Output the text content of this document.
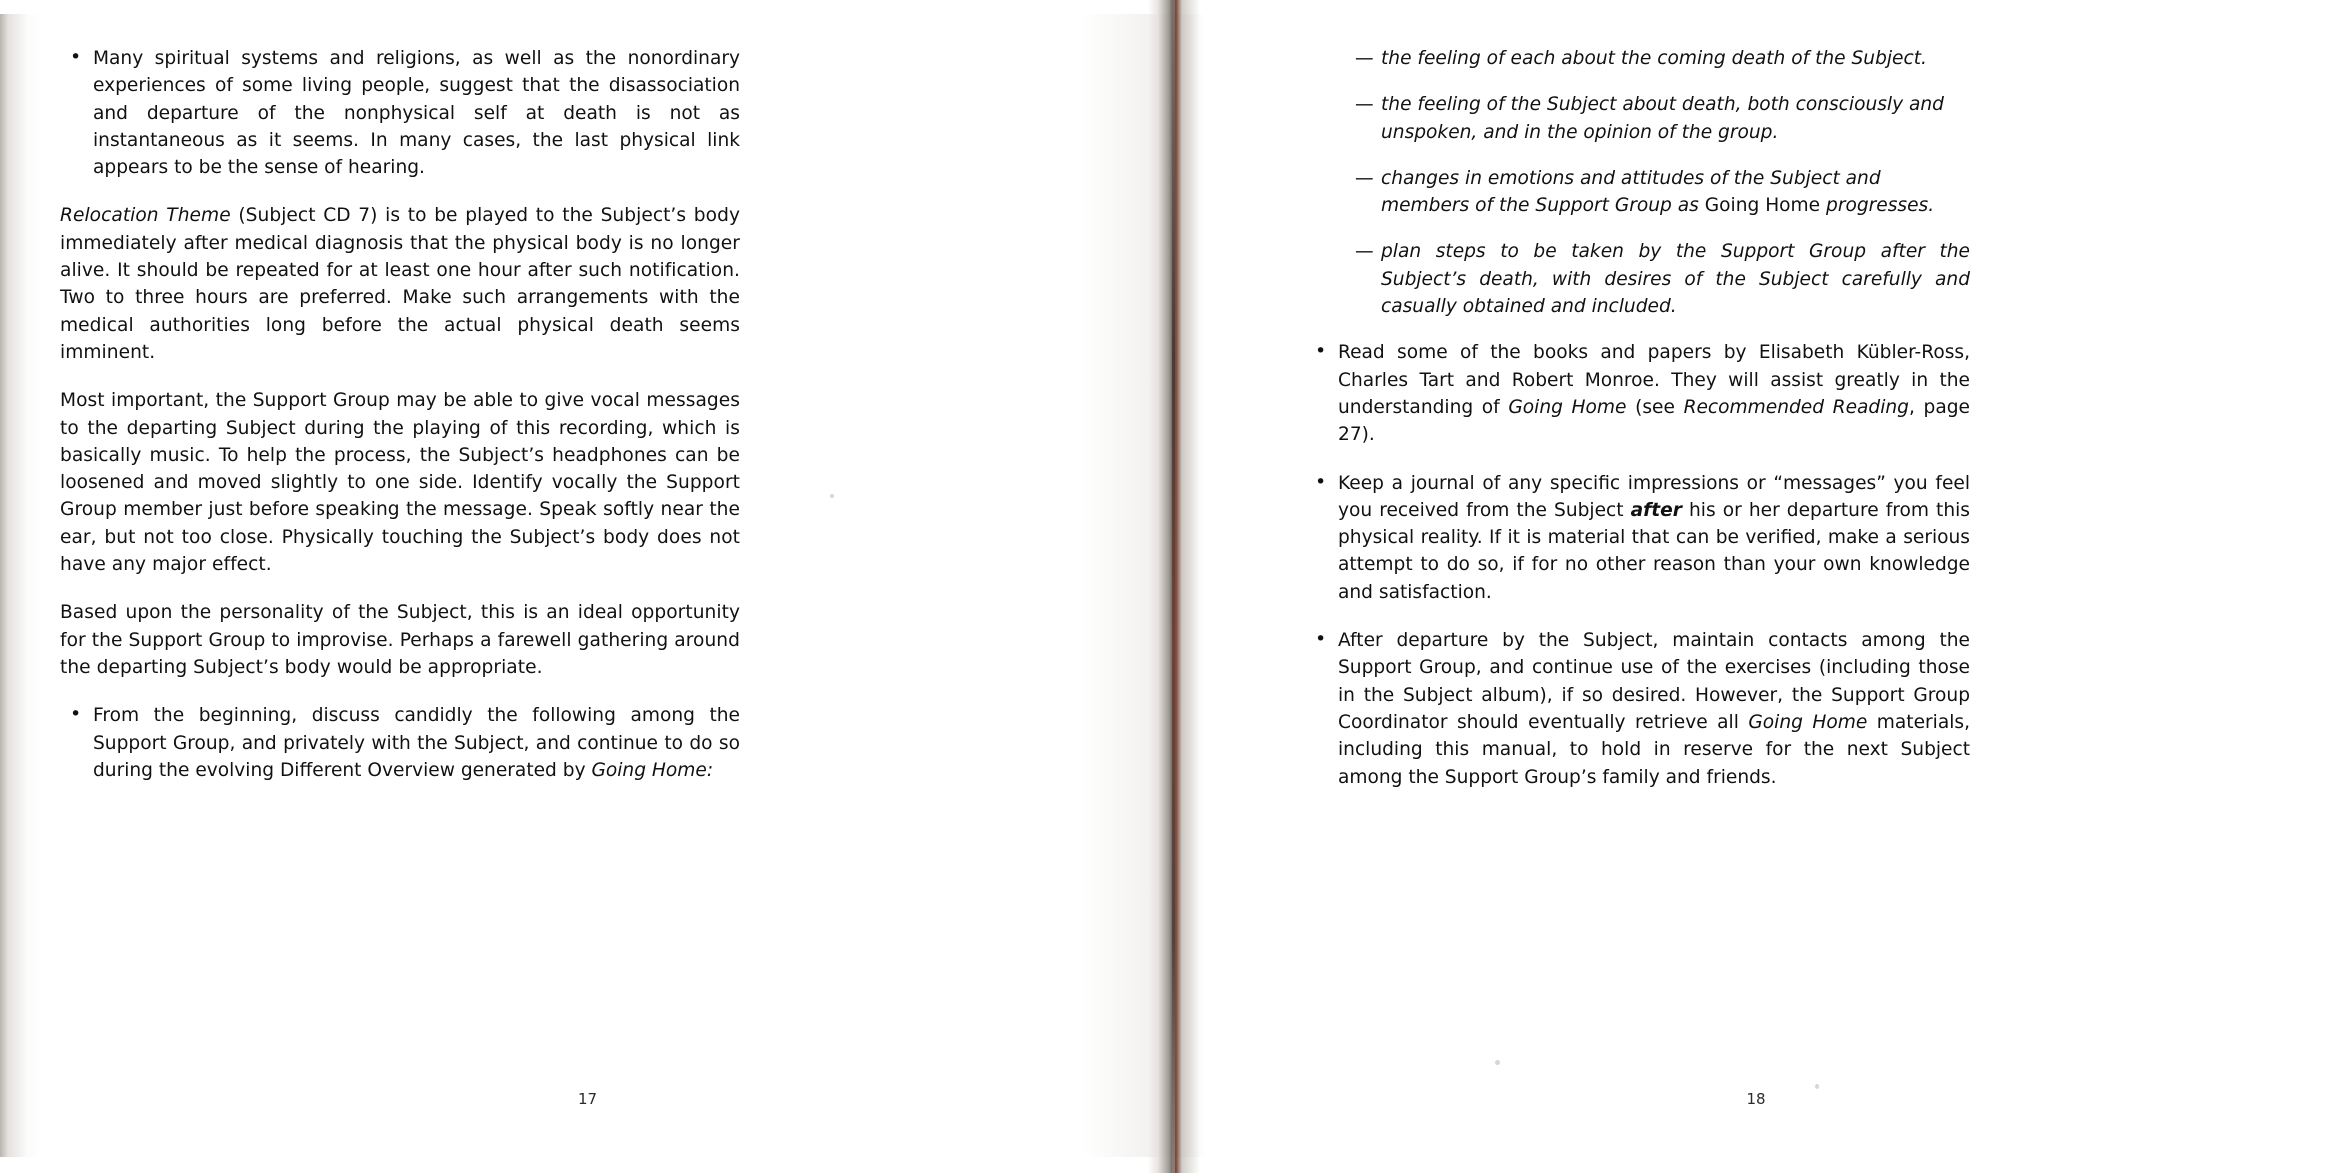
• Many spiritual systems and religions, as well as the nonordinary experiences of some living people, suggest that the disassociation and departure of the nonphysical self at death is not as instantaneous as it seems. In many cases, the last physical link appears to be the sense of hearing.

Relocation Theme (Subject CD 7) is to be played to the Subject’s body immediately after medical diagnosis that the physical body is no longer alive. It should be repeated for at least one hour after such notification. Two to three hours are preferred. Make such arrangements with the medical authorities long before the actual physical death seems imminent.

Most important, the Support Group may be able to give vocal messages to the departing Subject during the playing of this recording, which is basically music. To help the process, the Subject’s headphones can be loosened and moved slightly to one side. Identify vocally the Support Group member just before speaking the message. Speak softly near the ear, but not too close. Physically touching the Subject’s body does not have any major effect.

Based upon the personality of the Subject, this is an ideal opportunity for the Support Group to improvise. Perhaps a farewell gathering around the departing Subject’s body would be appropriate.

• From the beginning, discuss candidly the following among the Support Group, and privately with the Subject, and continue to do so during the evolving Different Overview generated by Going Home:
17
— the feeling of each about the coming death of the Subject.
— the feeling of the Subject about death, both consciously and unspoken, and in the opinion of the group.
— changes in emotions and attitudes of the Subject and members of the Support Group as Going Home progresses.
— plan steps to be taken by the Support Group after the Subject’s death, with desires of the Subject carefully and casually obtained and included.
• Read some of the books and papers by Elisabeth Kübler-Ross, Charles Tart and Robert Monroe. They will assist greatly in the understanding of Going Home (see Recommended Reading, page 27).
• Keep a journal of any specific impressions or “messages” you feel you received from the Subject after his or her departure from this physical reality. If it is material that can be verified, make a serious attempt to do so, if for no other reason than your own knowledge and satisfaction.
• After departure by the Subject, maintain contacts among the Support Group, and continue use of the exercises (including those in the Subject album), if so desired. However, the Support Group Coordinator should eventually retrieve all Going Home materials, including this manual, to hold in reserve for the next Subject among the Support Group’s family and friends.
18
